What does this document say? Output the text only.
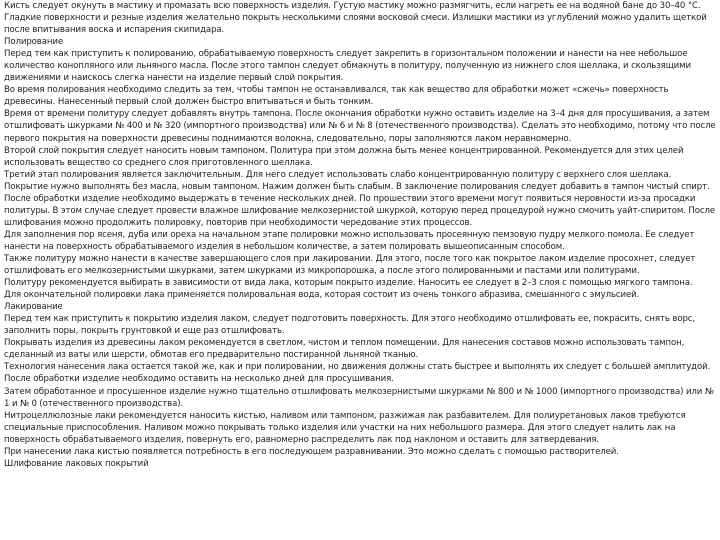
Кисть следует окунуть в мастику и промазать всю поверхность изделия. Густую мастику можно размягчить, если нагреть ее на водяной бане до 30–40 °С. Гладкие поверхности и резные изделия желательно покрыть несколькими слоями восковой смеси. Излишки мастики из углублений можно удалить щеткой после впитывания воска и испарения скипидара.

Полирование

Перед тем как приступить к полированию, обрабатываемую поверхность следует закрепить в горизонтальном положении и нанести на нее небольшое количество конопляного или льняного масла. После этого тампон следует обмакнуть в политуру, полученную из нижнего слоя шеллака, и скользящими движениями и наискось слегка нанести на изделие первый слой покрытия.

Во время полирования необходимо следить за тем, чтобы тампон не останавливался, так как вещество для обработки может «сжечь» поверхность древесины. Нанесенный первый слой должен быстро впитываться и быть тонким.

Время от времени политуру следует добавлять внутрь тампона. После окончания обработки нужно оставить изделие на 3–4 дня для просушивания, а затем отшлифовать шкурками № 400 и № 320 (импортного производства) или № 6 и № 8 (отечественного производства). Сделать это необходимо, потому что после первого покрытия на поверхности древесины поднимаются волокна, следовательно, поры заполняются лаком неравномерно.

Второй слой покрытия следует наносить новым тампоном. Политура при этом должна быть менее концентрированной. Рекомендуется для этих целей использовать вещество со среднего слоя приготовленного шеллака.

Третий этап полирования является заключительным. Для него следует использовать слабо концентрированную политуру с верхнего слоя шеллака. Покрытие нужно выполнять без масла, новым тампоном. Нажим должен быть слабым. В заключение полирования следует добавить в тампон чистый спирт. После обработки изделие необходимо выдержать в течение нескольких дней. По прошествии этого времени могут появиться неровности из-за просадки политуры. В этом случае следует провести влажное шлифование мелкозернистой шкуркой, которую перед процедурой нужно смочить уайт-спиритом. После шлифования можно продолжить полировку, повторив при необходимости чередование этих процессов.

Для заполнения пор ясеня, дуба или ореха на начальном этапе полировки можно использовать просеянную пемзовую пудру мелкого помола. Ее следует нанести на поверхность обрабатываемого изделия в небольшом количестве, а затем полировать вышеописанным способом.

Также политуру можно нанести в качестве завершающего слоя при лакировании. Для этого, после того как покрытое лаком изделие просохнет, следует отшлифовать его мелкозернистыми шкурками, затем шкурками из микропорошка, а после этого полированными и пастами или политурами.

Политуру рекомендуется выбирать в зависимости от вида лака, которым покрыто изделие. Наносить ее следует в 2–3 слоя с помощью мягкого тампона.

Для окончательной полировки лака применяется полировальная вода, которая состоит из очень тонкого абразива, смешанного с эмульсией.

Лакирование

Перед тем как приступить к покрытию изделия лаком, следует подготовить поверхность. Для этого необходимо отшлифовать ее, покрасить, снять ворс, заполнить поры, покрыть грунтовкой и еще раз отшлифовать.

Покрывать изделия из древесины лаком рекомендуется в светлом, чистом и теплом помещении. Для нанесения составов можно использовать тампон, сделанный из ваты или шерсти, обмотав его предварительно постиранной льняной тканью.

Технология нанесения лака остается такой же, как и при полировании, но движения должны стать быстрее и выполнять их следует с большей амплитудой. После обработки изделие необходимо оставить на несколько дней для просушивания.

Затем обработанное и просушенное изделие нужно тщательно отшлифовать мелкозернистыми шкурками № 800 и № 1000 (импортного производства) или № 1 и № 0 (отечественного производства).

Нитроцеллюлозные лаки рекомендуется наносить кистью, наливом или тампоном, разжижая лак разбавителем. Для полиуретановых лаков требуются специальные приспособления. Наливом можно покрывать только изделия или участки на них небольшого размера. Для этого следует налить лак на поверхность обрабатываемого изделия, повернуть его, равномерно распределить лак под наклоном и оставить для затвердевания.

При нанесении лака кистью появляется потребность в его последующем разравнивании. Это можно сделать с помощью растворителей.

Шлифование лаковых покрытий
